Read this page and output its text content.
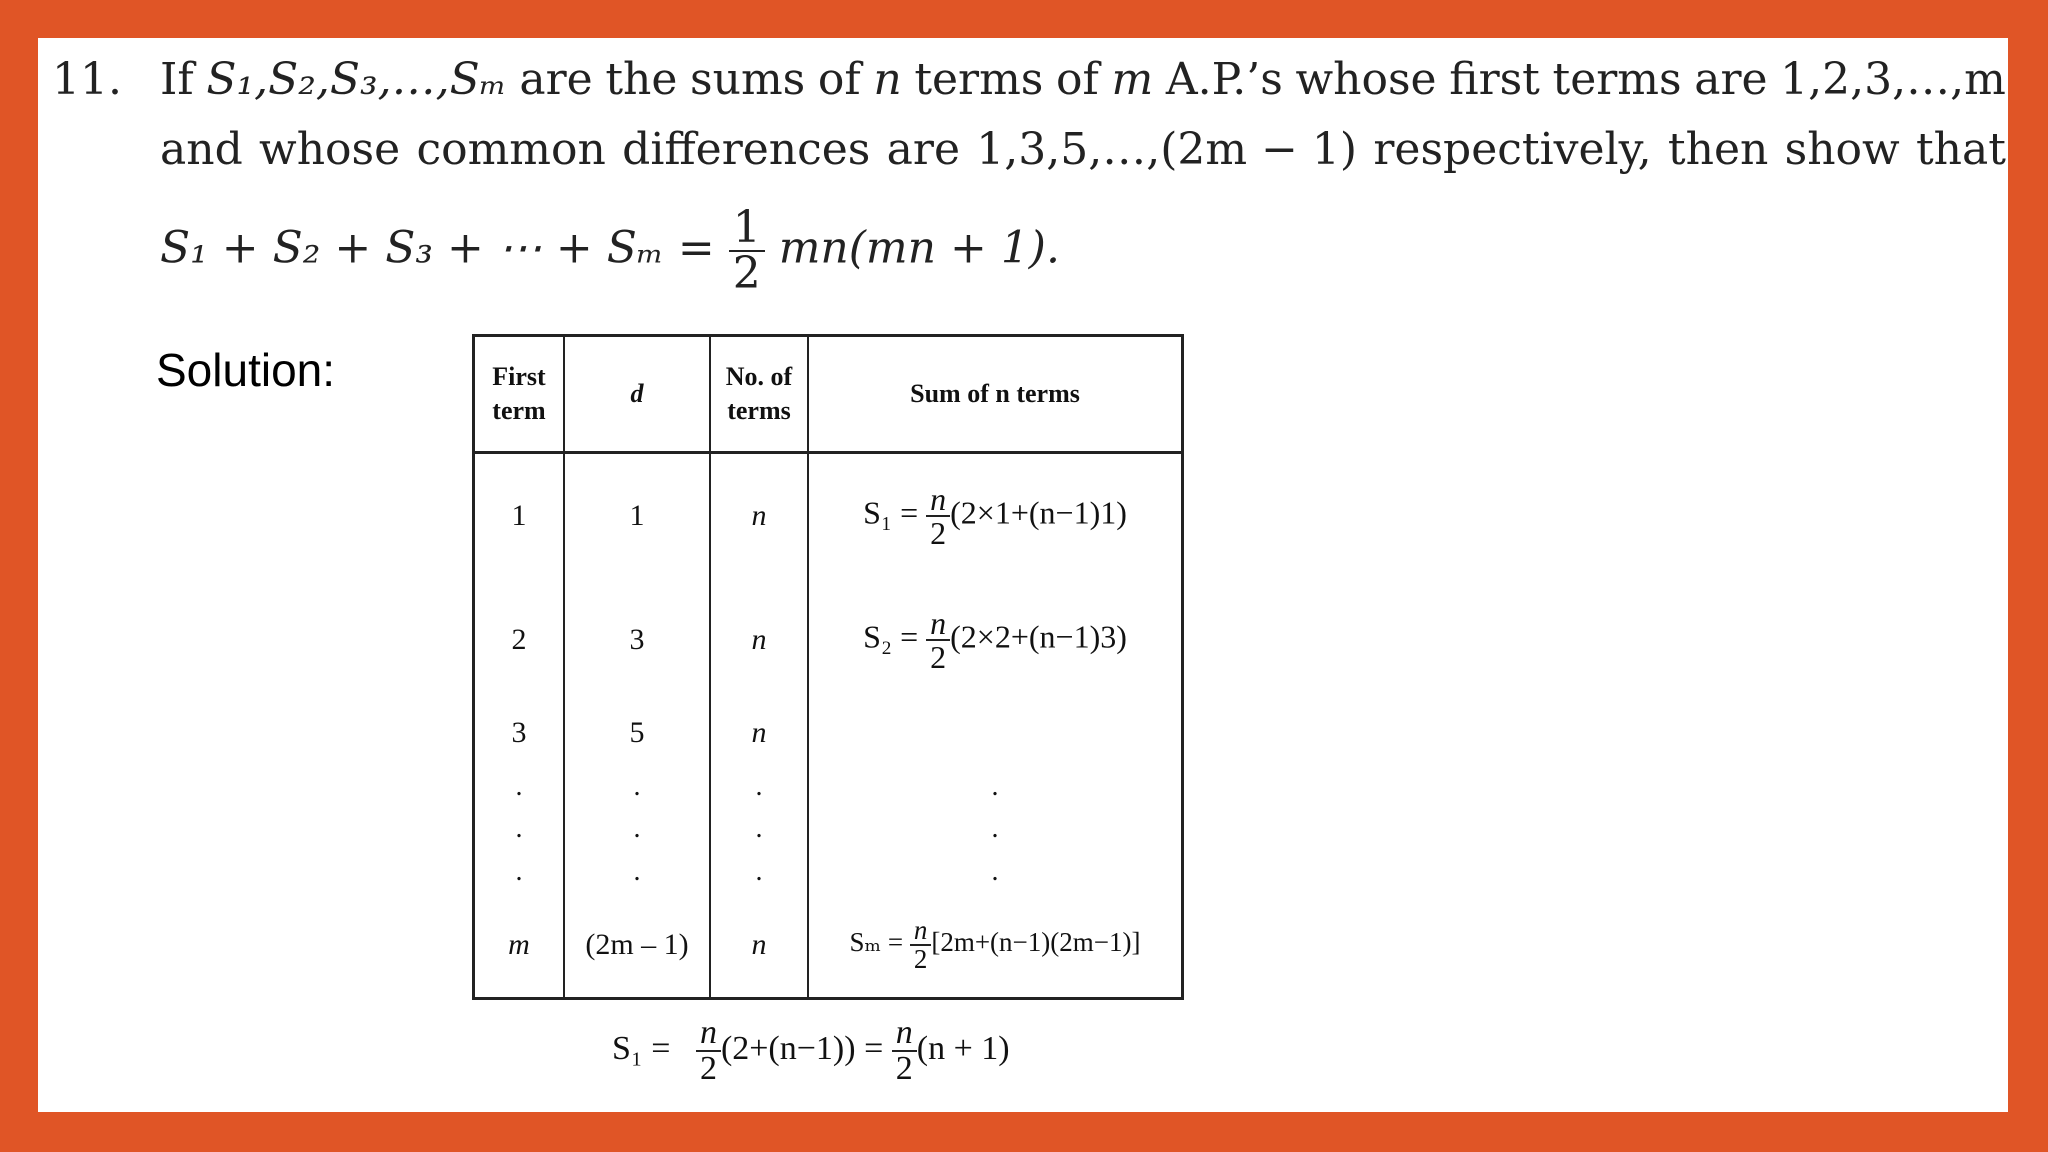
11. If S₁,S₂,S₃,…,Sₘ are the sums of n terms of m A.P.’s whose first terms are 1,2,3,…,m
and whose common differences are 1,3,5,…,(2m − 1) respectively, then show that
S₁ + S₂ + S₃ + ⋯ + $S_m = \frac{1}{2} mn(mn + 1)$.
Solution:	First term	d	No. of terms	Sum of n terms
1	1	n	$S_1 = \frac{n}{2} (2\times 1+(n-1)1)$
2	3	n	$S_2 = \frac{n}{2} (2\times 2+(n-1)3)$
3	5	n	
.	.	.	.
.	.	.	.
.	.	.	.
m	(2m – 1)	n	$S_m = \frac{n}{2} [2m+(n-1)(2m-1)]$
$S_1 = \frac{n}{2} (2+(n-1)) = \frac{n}{2} (n + 1)$
